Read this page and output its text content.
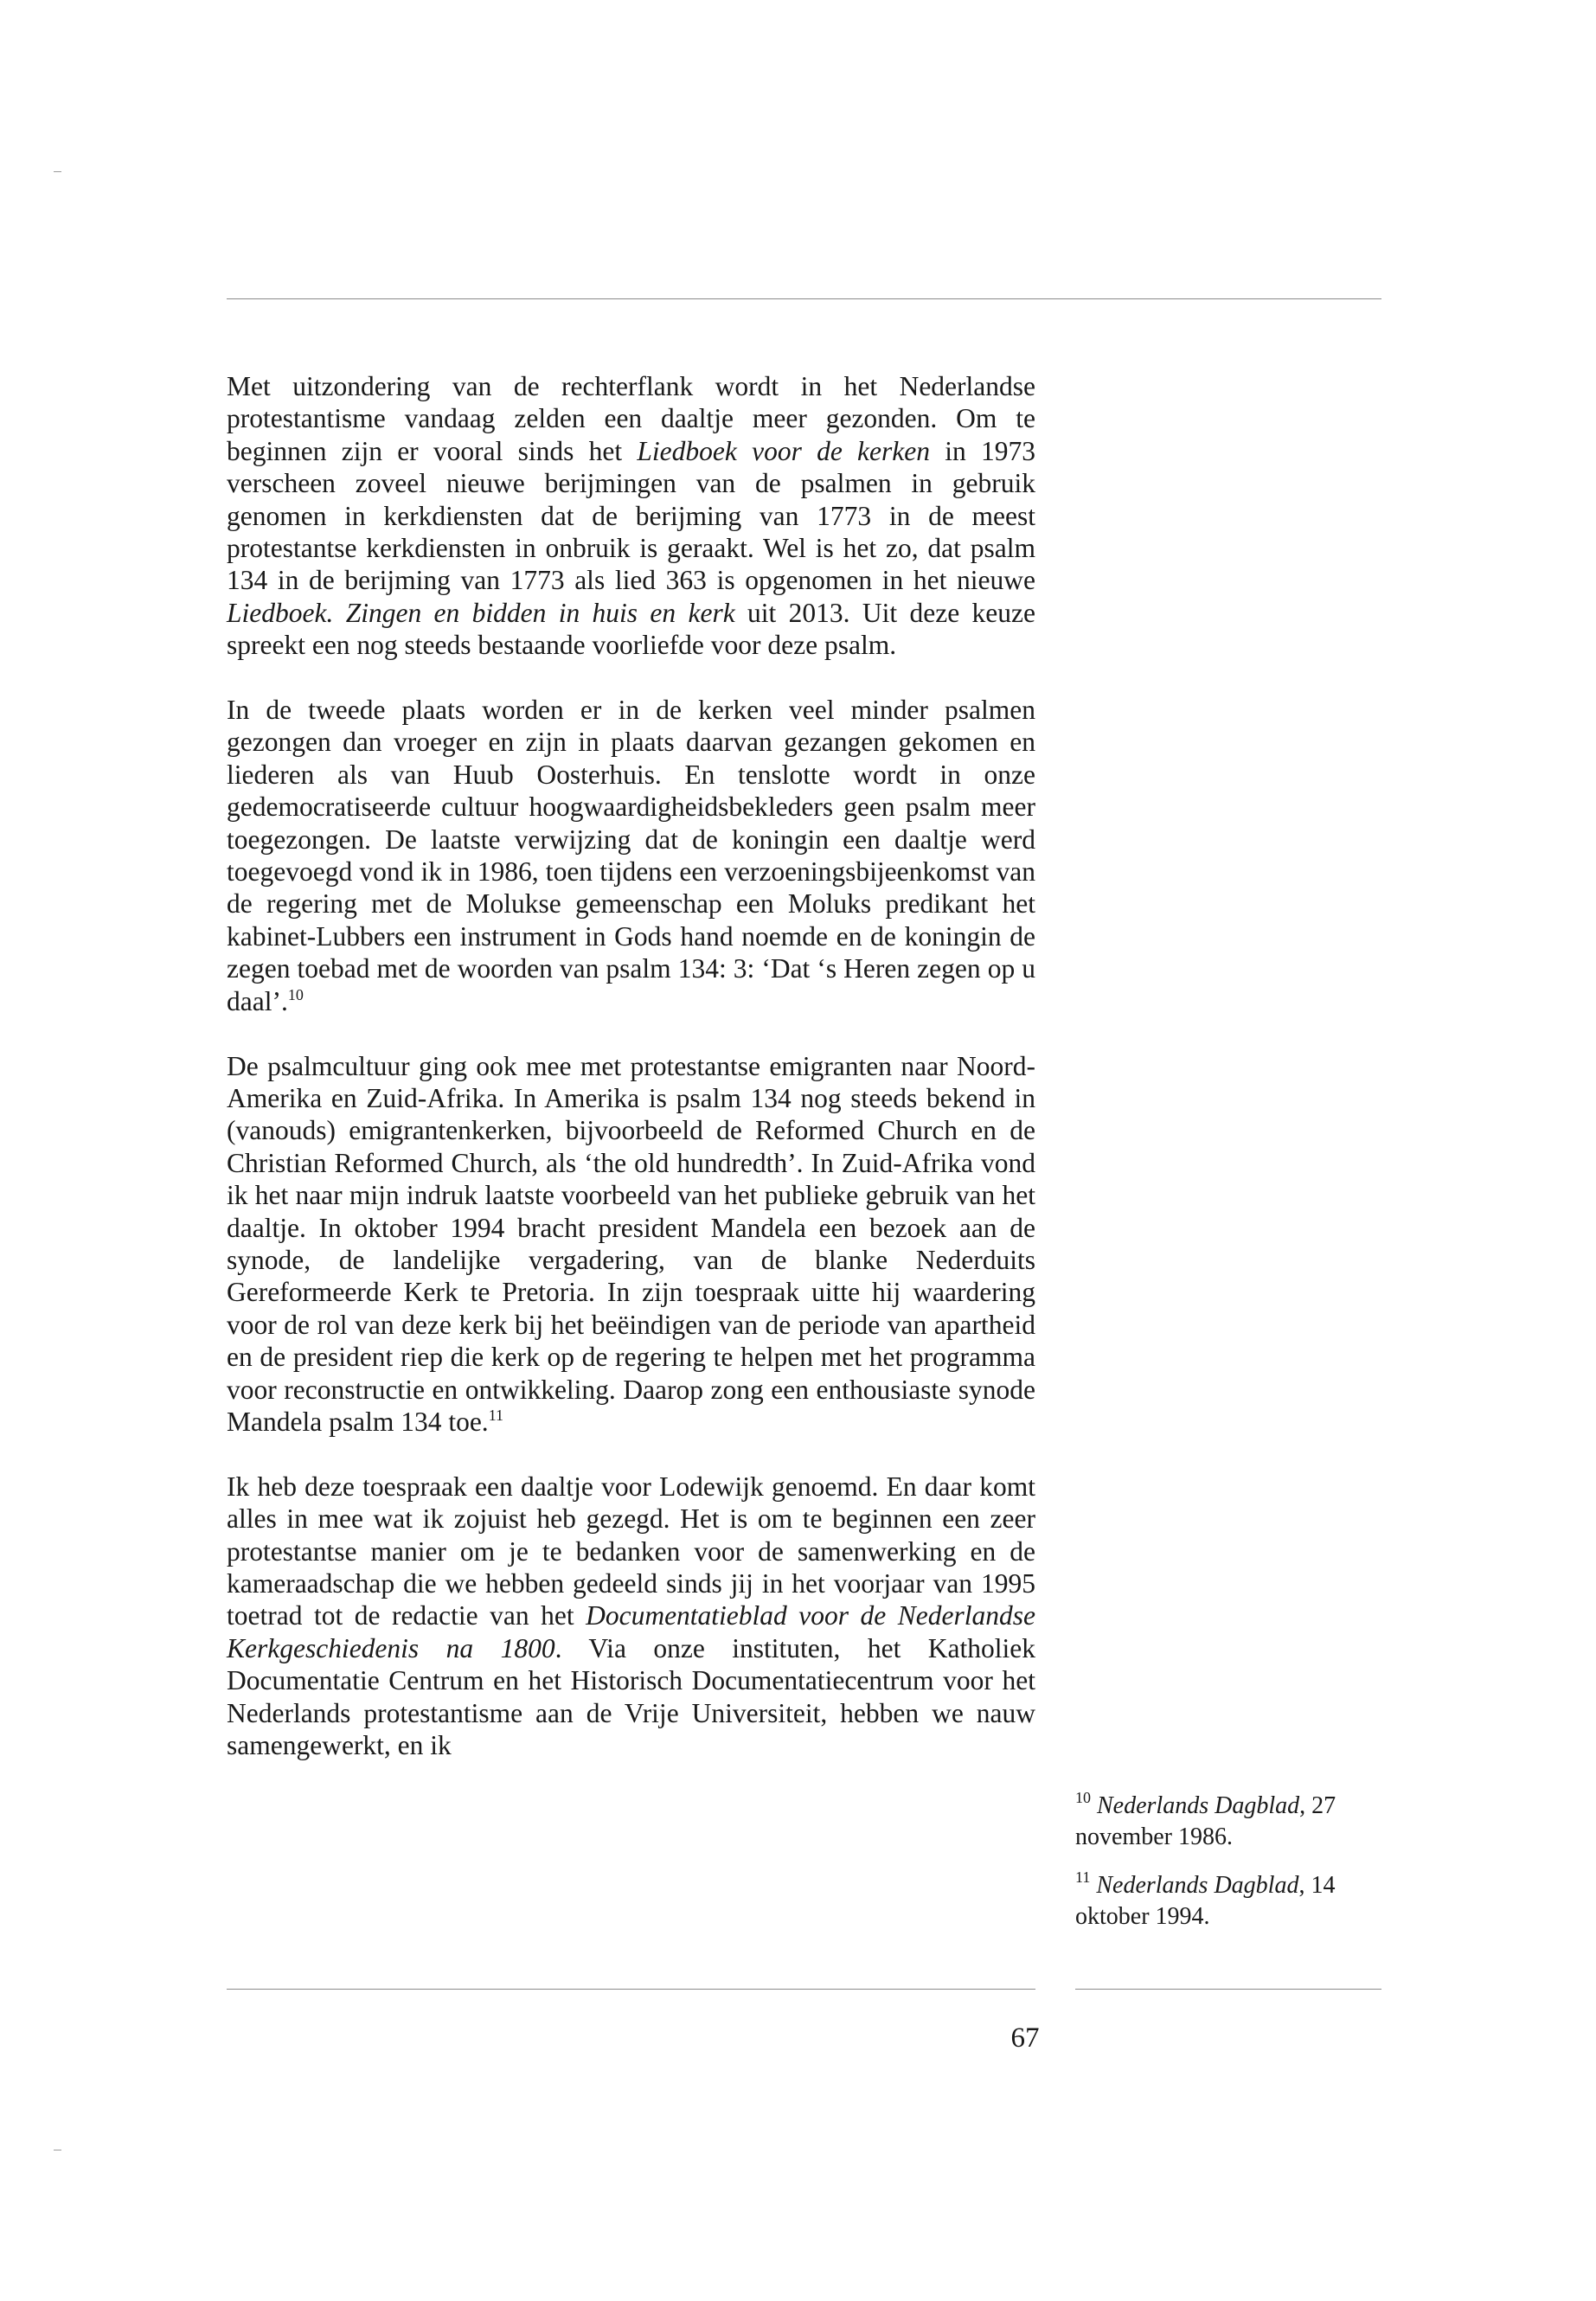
Met uitzondering van de rechterflank wordt in het Nederlandse protestantisme vandaag zelden een daaltje meer gezonden. Om te beginnen zijn er vooral sinds het Liedboek voor de kerken in 1973 verscheen zoveel nieuwe berijmingen van de psalmen in gebruik genomen in kerkdiensten dat de berijming van 1773 in de meest protestantse kerkdiensten in onbruik is geraakt. Wel is het zo, dat psalm 134 in de berijming van 1773 als lied 363 is opgenomen in het nieuwe Liedboek. Zingen en bidden in huis en kerk uit 2013. Uit deze keuze spreekt een nog steeds bestaande voorliefde voor deze psalm.

In de tweede plaats worden er in de kerken veel minder psalmen gezongen dan vroeger en zijn in plaats daarvan gezangen gekomen en liederen als van Huub Oosterhuis. En tenslotte wordt in onze gedemocratiseerde cultuur hoogwaardigheidsbekleders geen psalm meer toegezongen. De laatste verwijzing dat de koningin een daaltje werd toegevoegd vond ik in 1986, toen tijdens een verzoeningsbijeenkomst van de regering met de Molukse gemeenschap een Moluks predikant het kabinet-Lubbers een instrument in Gods hand noemde en de koningin de zegen toebad met de woorden van psalm 134: 3: ‘Dat ‘s Heren zegen op u daal’.$^{10}$

De psalmcultuur ging ook mee met protestantse emigranten naar Noord-Amerika en Zuid-Afrika. In Amerika is psalm 134 nog steeds bekend in (vanouds) emigrantenkerken, bijvoorbeeld de Reformed Church en de Christian Reformed Church, als ‘the old hundredth’. In Zuid-Afrika vond ik het naar mijn indruk laatste voorbeeld van het publieke gebruik van het daaltje. In oktober 1994 bracht president Mandela een bezoek aan de synode, de landelijke vergadering, van de blanke Nederduits Gereformeerde Kerk te Pretoria. In zijn toespraak uitte hij waardering voor de rol van deze kerk bij het beëindigen van de periode van apartheid en de president riep die kerk op de regering te helpen met het programma voor reconstructie en ontwikkeling. Daarop zong een enthousiaste synode Mandela psalm 134 toe.$^{11}$

Ik heb deze toespraak een daaltje voor Lodewijk genoemd. En daar komt alles in mee wat ik zojuist heb gezegd. Het is om te beginnen een zeer protestantse manier om je te bedanken voor de samenwerking en de kameraadschap die we hebben gedeeld sinds jij in het voorjaar van 1995 toetrad tot de redactie van het Documentatieblad voor de Nederlandse Kerkgeschiedenis na 1800. Via onze instituten, het Katholiek Documentatie Centrum en het Historisch Documentatiecentrum voor het Nederlands protestantisme aan de Vrije Universiteit, hebben we nauw samengewerkt, en ik

$^{10}$ Nederlands Dagblad, 27 november 1986.
$^{11}$ Nederlands Dagblad, 14 oktober 1994.
67
